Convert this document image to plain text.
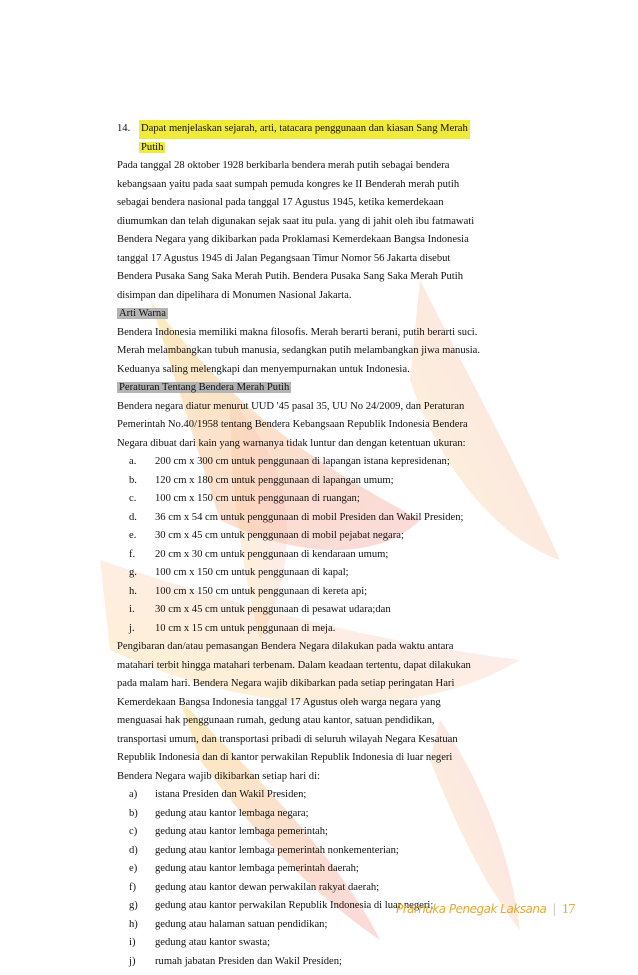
14.	Dapat menjelaskan sejarah, arti, tatacara penggunaan dan kiasan Sang Merah
Putih
Pada tanggal 28 oktober 1928 berkibarla bendera merah putih sebagai bendera
kebangsaan yaitu pada saat sumpah pemuda kongres ke II Benderah merah putih
sebagai bendera nasional pada tanggal 17 Agustus 1945, ketika kemerdekaan
diumumkan dan telah digunakan sejak saat itu pula. yang di jahit oleh ibu fatmawati
Bendera Negara yang dikibarkan pada Proklamasi Kemerdekaan Bangsa Indonesia
tanggal 17 Agustus 1945 di Jalan Pegangsaan Timur Nomor 56 Jakarta disebut
Bendera Pusaka Sang Saka Merah Putih. Bendera Pusaka Sang Saka Merah Putih
disimpan dan dipelihara di Monumen Nasional Jakarta.
Arti Warna
Bendera Indonesia memiliki makna filosofis. Merah berarti berani, putih berarti suci.
Merah melambangkan tubuh manusia, sedangkan putih melambangkan jiwa manusia.
Keduanya saling melengkapi dan menyempurnakan untuk Indonesia.
Peraturan Tentang Bendera Merah Putih
Bendera negara diatur menurut UUD '45 pasal 35, UU No 24/2009, dan Peraturan
Pemerintah No.40/1958 tentang Bendera Kebangsaan Republik Indonesia Bendera
Negara dibuat dari kain yang warnanya tidak luntur dan dengan ketentuan ukuran:
a.	200 cm x 300 cm untuk penggunaan di lapangan istana kepresidenan;
b.	120 cm x 180 cm untuk penggunaan di lapangan umum;
c.	100 cm x 150 cm untuk penggunaan di ruangan;
d.	36 cm x 54 cm untuk penggunaan di mobil Presiden dan Wakil Presiden;
e.	30 cm x 45 cm untuk penggunaan di mobil pejabat negara;
f.	20 cm x 30 cm untuk penggunaan di kendaraan umum;
g.	100 cm x 150 cm untuk penggunaan di kapal;
h.	100 cm x 150 cm untuk penggunaan di kereta api;
i.	30 cm x 45 cm untuk penggunaan di pesawat udara;dan
j.	10 cm x 15 cm untuk penggunaan di meja.
Pengibaran dan/atau pemasangan Bendera Negara dilakukan pada waktu antara
matahari terbit hingga matahari terbenam. Dalam keadaan tertentu, dapat dilakukan
pada malam hari. Bendera Negara wajib dikibarkan pada setiap peringatan Hari
Kemerdekaan Bangsa Indonesia tanggal 17 Agustus oleh warga negara yang
menguasai hak penggunaan rumah, gedung atau kantor, satuan pendidikan,
transportasi umum, dan transportasi pribadi di seluruh wilayah Negara Kesatuan
Republik Indonesia dan di kantor perwakilan Republik Indonesia di luar negeri
Bendera Negara wajib dikibarkan setiap hari di:
a)	istana Presiden dan Wakil Presiden;
b)	gedung atau kantor lembaga negara;
c)	gedung atau kantor lembaga pemerintah;
d)	gedung atau kantor lembaga pemerintah nonkementerian;
e)	gedung atau kantor lembaga pemerintah daerah;
f)	gedung atau kantor dewan perwakilan rakyat daerah;
g)	gedung atau kantor perwakilan Republik Indonesia di luar negeri;
h)	gedung atau halaman satuan pendidikan;
i)	gedung atau kantor swasta;
j)	rumah jabatan Presiden dan Wakil Presiden;
Pramuka Penegak Laksana | 17
